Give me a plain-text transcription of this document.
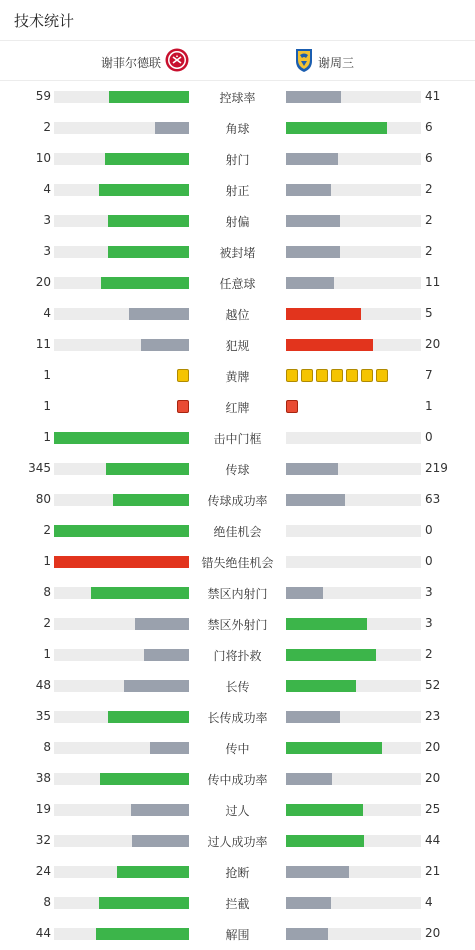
技术统计
谢菲尔德联	谢周三
59	控球率	41
2	角球	6
10	射门	6
4	射正	2
3	射偏	2
3	被封堵	2
20	任意球	11
4	越位	5
11	犯规	20
1	黄牌	7
1	红牌	1
1	击中门框	0
345	传球	219
80	传球成功率	63
2	绝佳机会	0
1	错失绝佳机会	0
8	禁区内射门	3
2	禁区外射门	3
1	门将扑救	2
48	长传	52
35	长传成功率	23
8	传中	20
38	传中成功率	20
19	过人	25
32	过人成功率	44
24	抢断	21
8	拦截	4
44	解围	20
